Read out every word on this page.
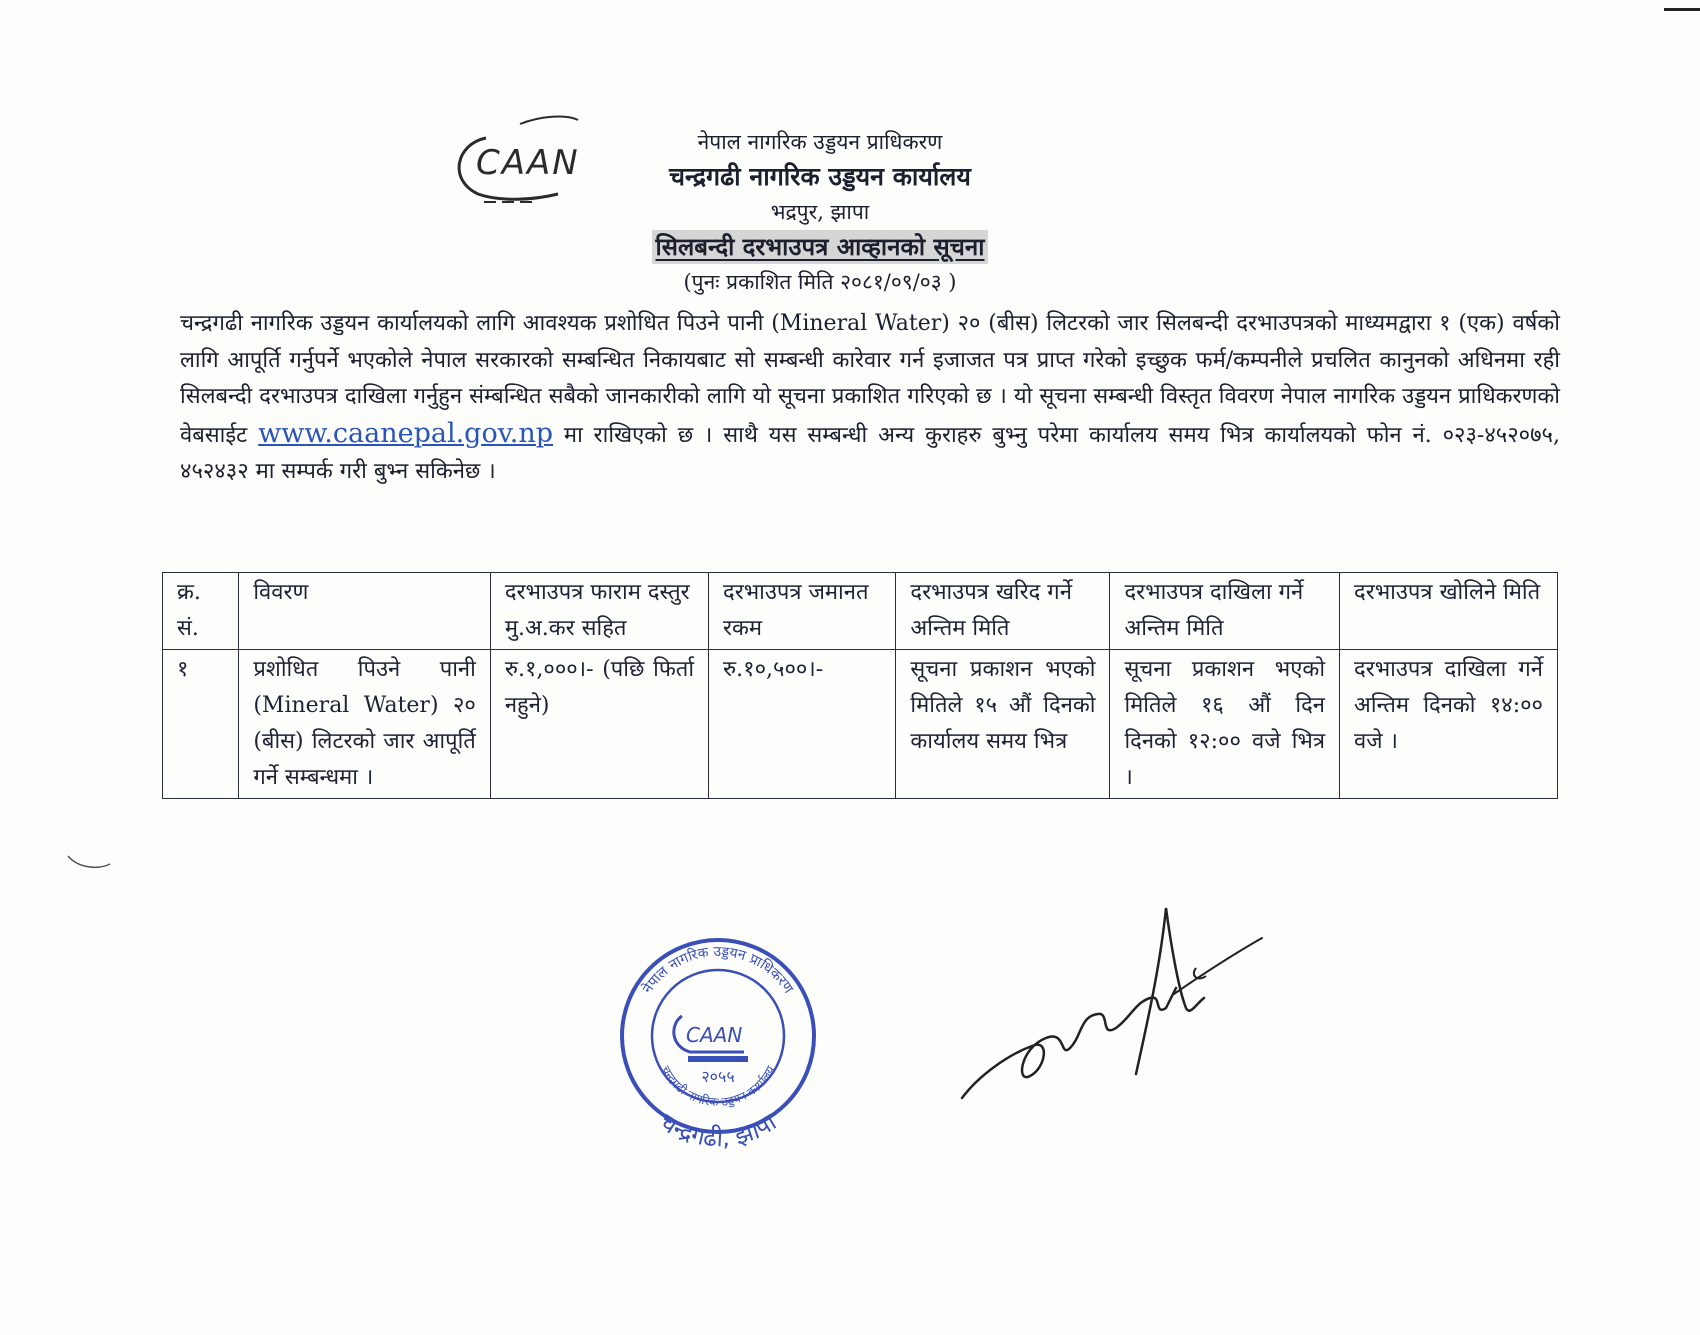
CAAN
नेपाल नागरिक उड्डयन प्राधिकरण
चन्द्रगढी नागरिक उड्डयन कार्यालय
भद्रपुर, झापा
सिलबन्दी दरभाउपत्र आव्हानको सूचना
(पुनः प्रकाशित मिति २०८१/०९/०३ )
चन्द्रगढी नागरिक उड्डयन कार्यालयको लागि आवश्यक प्रशोधित पिउने पानी (Mineral Water) २० (बीस) लिटरको जार सिलबन्दी दरभाउपत्रको माध्यमद्वारा १ (एक) वर्षको लागि आपूर्ति गर्नुपर्ने भएकोले नेपाल सरकारको सम्बन्धित निकायबाट सो सम्बन्धी कारेवार गर्न इजाजत पत्र प्राप्त गरेको इच्छुक फर्म/कम्पनीले प्रचलित कानुनको अधिनमा रही सिलबन्दी दरभाउपत्र दाखिला गर्नुहुन संम्बन्धित सबैको जानकारीको लागि यो सूचना प्रकाशित गरिएको छ । यो सूचना सम्बन्धी विस्तृत विवरण नेपाल नागरिक उड्डयन प्राधिकरणको वेबसाईट www.caanepal.gov.np मा राखिएको छ । साथै यस सम्बन्धी अन्य कुराहरु बुभ्नु परेमा कार्यालय समय भित्र कार्यालयको फोन नं. ०२३-४५२०७५, ४५२४३२ मा सम्पर्क गरी बुभ्न सकिनेछ ।
क्र. सं.	विवरण	दरभाउपत्र फाराम दस्तुर मु.अ.कर सहित	दरभाउपत्र जमानत रकम	दरभाउपत्र खरिद गर्ने अन्तिम मिति	दरभाउपत्र दाखिला गर्ने अन्तिम मिति	दरभाउपत्र खोलिने मिति
१	प्रशोधित पिउने पानी (Mineral Water) २० (बीस) लिटरको जार आपूर्ति गर्ने सम्बन्धमा ।	रु.१,०००।- (पछि फिर्ता नहुने)	रु.१०,५००।-	सूचना प्रकाशन भएको मितिले १५ औं दिनको कार्यालय समय भित्र	सूचना प्रकाशन भएको मितिले १६ औं दिन दिनको १२:०० वजे भित्र ।	दरभाउपत्र दाखिला गर्ने अन्तिम दिनको १४:०० वजे ।
नेपाल नागरिक उड्डयन प्राधिकरण
चन्द्रगढी नागरिक उड्डयन कार्यालय
CAAN
२०५५
चन्द्रगढी, झापा
